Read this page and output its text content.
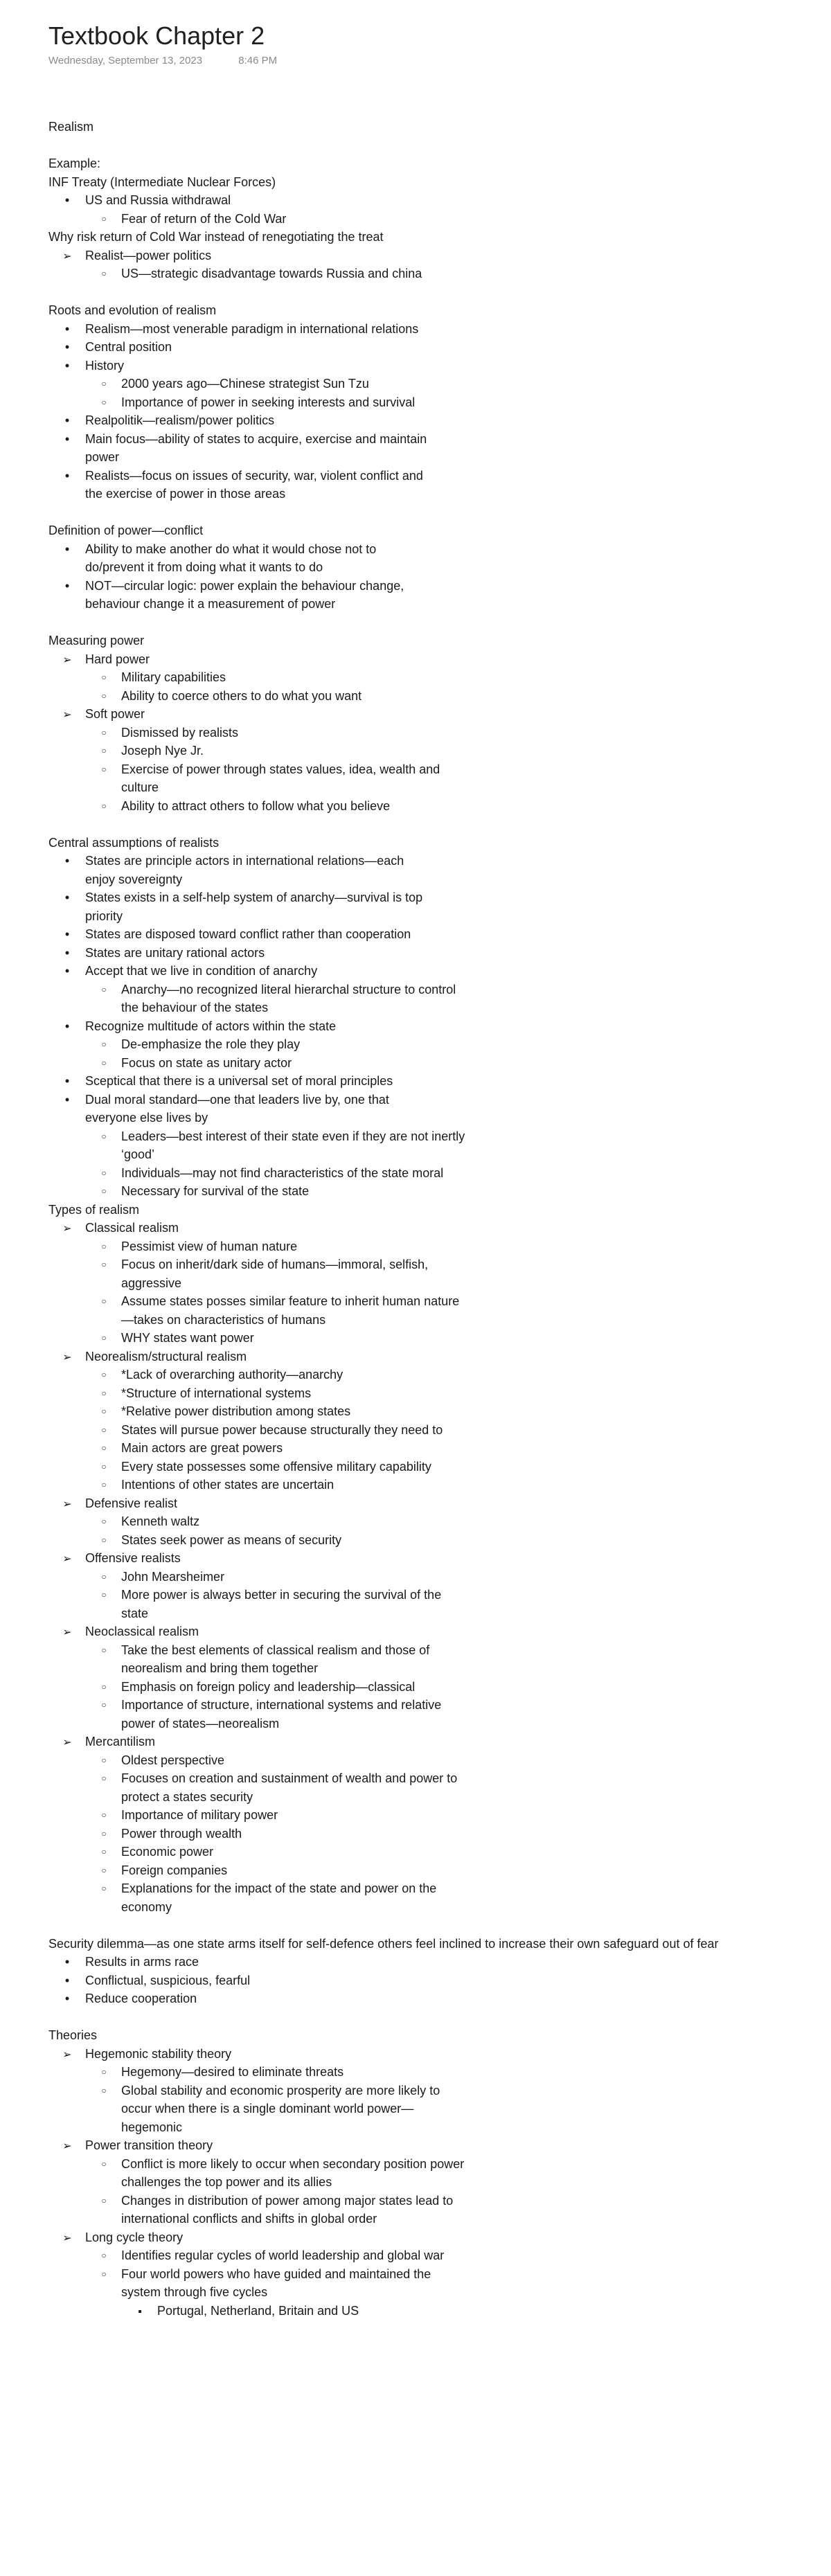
Textbook Chapter 2
Wednesday, September 13, 2023	8:46 PM
Realism
Example:
INF Treaty (Intermediate Nuclear Forces)
•
US and Russia withdrawal
○
Fear of return of the Cold War
Why risk return of Cold War instead of renegotiating the treat
➢
Realist—power politics
○
US—strategic disadvantage towards Russia and china
Roots and evolution of realism
•
Realism—most venerable paradigm in international relations
•
Central position
•
History
○
2000 years ago—Chinese strategist Sun Tzu
○
Importance of power in seeking interests and survival
•
Realpolitik—realism/power politics
•
Main focus—ability of states to acquire, exercise and maintain power
•
Realists—focus on issues of security, war, violent conflict and the exercise of power in those areas
Definition of power—conflict
•
Ability to make another do what it would chose not to do/prevent it from doing what it wants to do
•
NOT—circular logic: power explain the behaviour change, behaviour change it a measurement of power
Measuring power
➢
Hard power
○
Military capabilities
○
Ability to coerce others to do what you want
➢
Soft power
○
Dismissed by realists
○
Joseph Nye Jr.
○
Exercise of power through states values, idea, wealth and culture
○
Ability to attract others to follow what you believe
Central assumptions of realists
•
States are principle actors in international relations—each enjoy sovereignty
•
States exists in a self-help system of anarchy—survival is top priority
•
States are disposed toward conflict rather than cooperation
•
States are unitary rational actors
•
Accept that we live in condition of anarchy
○
Anarchy—no recognized literal hierarchal structure to control the behaviour of the states
•
Recognize multitude of actors within the state
○
De-emphasize the role they play
○
Focus on state as unitary actor
•
Sceptical that there is a universal set of moral principles
•
Dual moral standard—one that leaders live by, one that everyone else lives by
○
Leaders—best interest of their state even if they are not inertly ‘good’
○
Individuals—may not find characteristics of the state moral
○
Necessary for survival of the state
Types of realism
➢
Classical realism
○
Pessimist view of human nature
○
Focus on inherit/dark side of humans—immoral, selfish, aggressive
○
Assume states posses similar feature to inherit human nature—takes on characteristics of humans
○
WHY states want power
➢
Neorealism/structural realism
○
*Lack of overarching authority—anarchy
○
*Structure of international systems
○
*Relative power distribution among states
○
States will pursue power because structurally they need to
○
Main actors are great powers
○
Every state possesses some offensive military capability
○
Intentions of other states are uncertain
➢
Defensive realist
○
Kenneth waltz
○
States seek power as means of security
➢
Offensive realists
○
John Mearsheimer
○
More power is always better in securing the survival of the state
➢
Neoclassical realism
○
Take the best elements of classical realism and those of neorealism and bring them together
○
Emphasis on foreign policy and leadership—classical
○
Importance of structure, international systems and relative power of states—neorealism
➢
Mercantilism
○
Oldest perspective
○
Focuses on creation and sustainment of wealth and power to protect a states security
○
Importance of military power
○
Power through wealth
○
Economic power
○
Foreign companies
○
Explanations for the impact of the state and power on the economy
Security dilemma—as one state arms itself for self-defence others feel inclined to increase their own safeguard out of fear
•
Results in arms race
•
Conflictual, suspicious, fearful
•
Reduce cooperation
Theories
➢
Hegemonic stability theory
○
Hegemony—desired to eliminate threats
○
Global stability and economic prosperity are more likely to occur when there is a single dominant world power—hegemonic
➢
Power transition theory
○
Conflict is more likely to occur when secondary position power challenges the top power and its allies
○
Changes in distribution of power among major states lead to international conflicts and shifts in global order
➢
Long cycle theory
○
Identifies regular cycles of world leadership and global war
○
Four world powers who have guided and maintained the system through five cycles
▪
Portugal, Netherland, Britain and US
